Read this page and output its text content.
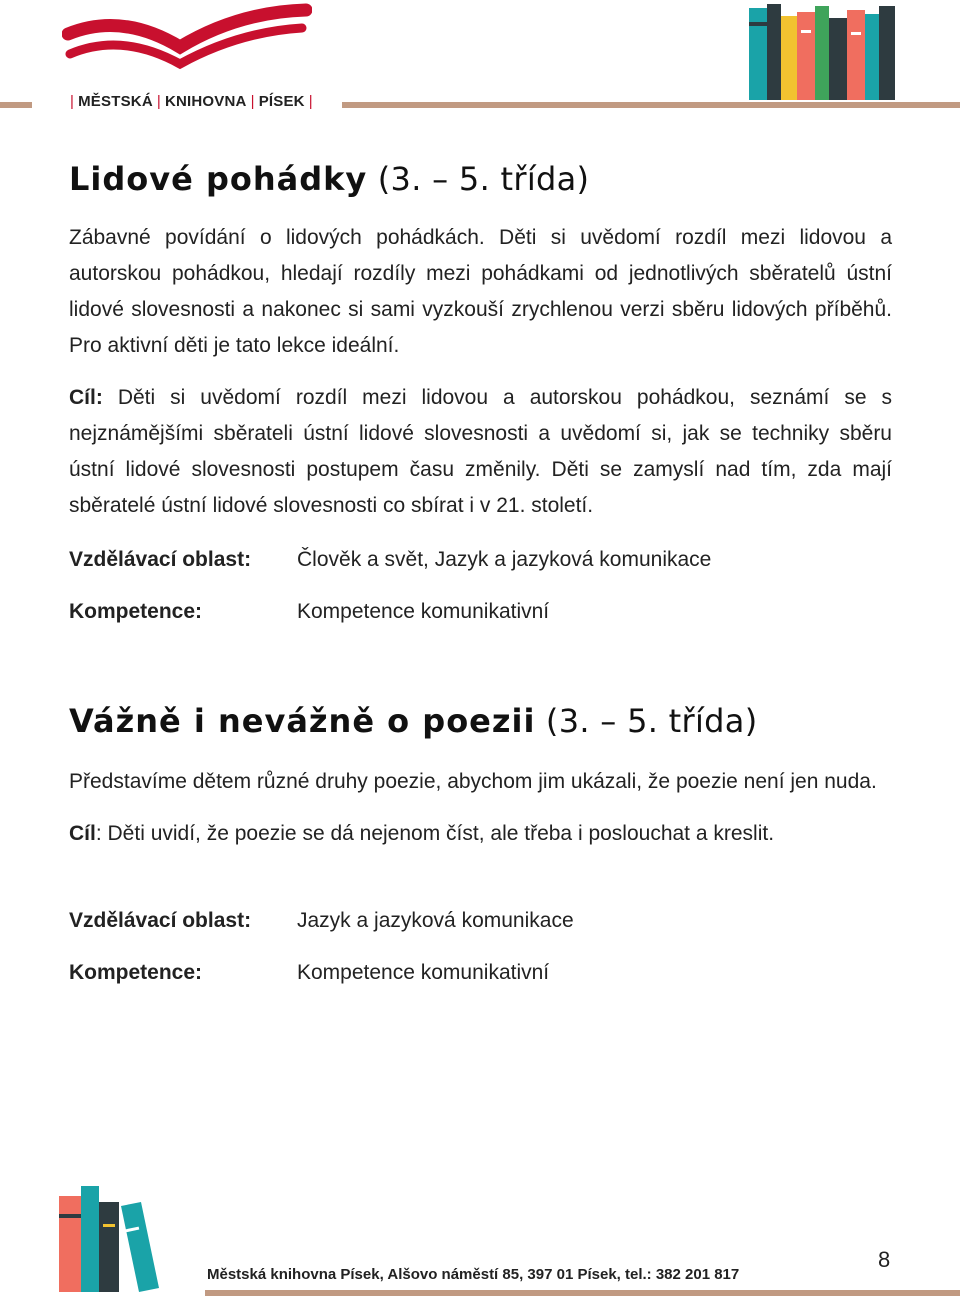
| MĚSTSKÁ | KNIHOVNA | PÍSEK |
Lidové pohádky (3. – 5. třída)

Zábavné povídání o lidových pohádkách. Děti si uvědomí rozdíl mezi lidovou a autorskou pohádkou, hledají rozdíly mezi pohádkami od jednotlivých sběratelů ústní lidové slovesnosti a nakonec si sami vyzkouší zrychlenou verzi sběru lidových příběhů. Pro aktivní děti je tato lekce ideální.

Cíl: Děti si uvědomí rozdíl mezi lidovou a autorskou pohádkou, seznámí se s nejznámějšími sběrateli ústní lidové slovesnosti a uvědomí si, jak se techniky sběru ústní lidové slovesnosti postupem času změnily. Děti se zamyslí nad tím, zda mají sběratelé ústní lidové slovesnosti co sbírat i v 21. století.

Vzdělávací oblast: Člověk a svět, Jazyk a jazyková komunikace
Kompetence:	Kompetence komunikativní
Vážně i nevážně o poezii (3. – 5. třída)

Představíme dětem různé druhy poezie, abychom jim ukázali, že poezie není jen nuda.

Cíl: Děti uvidí, že poezie se dá nejenom číst, ale třeba i poslouchat a kreslit.

Vzdělávací oblast: Jazyk a jazyková komunikace
Kompetence:	Kompetence komunikativní
Městská knihovna Písek, Alšovo náměstí 85, 397 01 Písek, tel.: 382 201 817
8
